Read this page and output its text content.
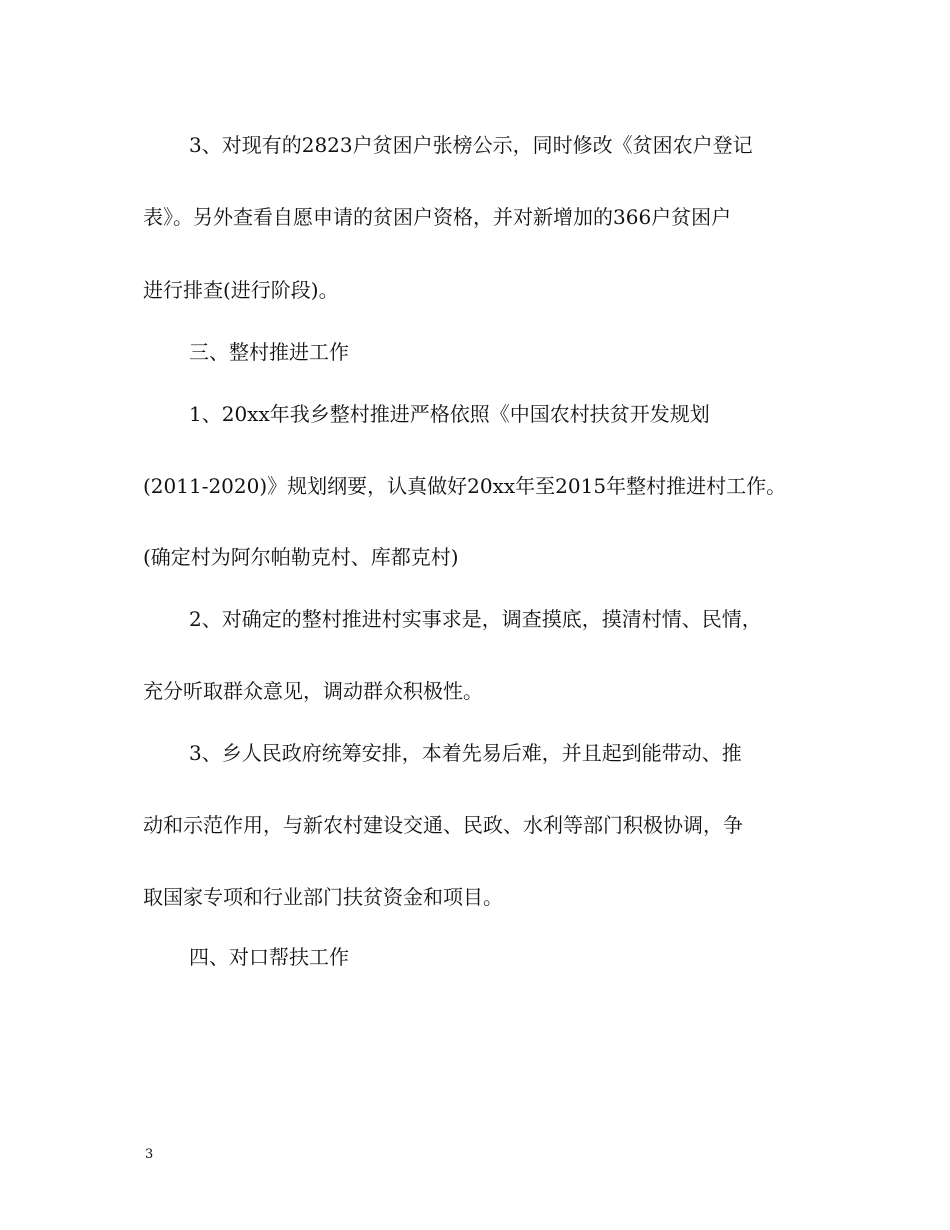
3、对现有的2823户贫困户张榜公示，同时修改《贫困农户登记
表》。另外查看自愿申请的贫困户资格，并对新增加的366户贫困户
进行排查(进行阶段)。
三、整村推进工作
1、20xx年我乡整村推进严格依照《中国农村扶贫开发规划
(2011-2020)》规划纲要，认真做好20xx年至2015年整村推进村工作。
(确定村为阿尔帕勒克村、库都克村)
2、对确定的整村推进村实事求是，调查摸底，摸清村情、民情，
充分听取群众意见，调动群众积极性。
3、乡人民政府统筹安排，本着先易后难，并且起到能带动、推
动和示范作用，与新农村建设交通、民政、水利等部门积极协调，争
取国家专项和行业部门扶贫资金和项目。
四、对口帮扶工作
3
